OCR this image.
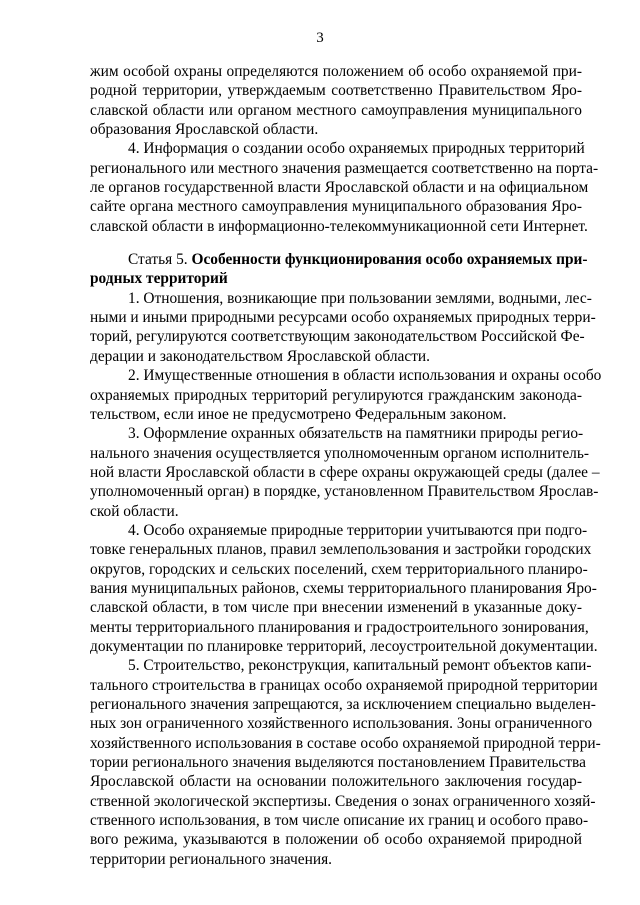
3
жим особой охраны определяются положением об особо охраняемой при-
родной территории, утверждаемым соответственно Правительством Яро-
славской области или органом местного самоуправления муниципального
образования Ярославской области.
4. Информация о создании особо охраняемых природных территорий
регионального или местного значения размещается соответственно на порта-
ле органов государственной власти Ярославской области и на официальном
сайте органа местного самоуправления муниципального образования Яро-
славской области в информационно-телекоммуникационной сети Интернет.
Статья 5. Особенности функционирования особо охраняемых при-
родных территорий
1. Отношения, возникающие при пользовании землями, водными, лес-
ными и иными природными ресурсами особо охраняемых природных терри-
торий, регулируются соответствующим законодательством Российской Фе-
дерации и законодательством Ярославской области.
2. Имущественные отношения в области использования и охраны особо
охраняемых природных территорий регулируются гражданским законода-
тельством, если иное не предусмотрено Федеральным законом.
3. Оформление охранных обязательств на памятники природы регио-
нального значения осуществляется уполномоченным органом исполнитель-
ной власти Ярославской области в сфере охраны окружающей среды (далее –
уполномоченный орган) в порядке, установленном Правительством Ярослав-
ской области.
4. Особо охраняемые природные территории учитываются при подго-
товке генеральных планов, правил землепользования и застройки городских
округов, городских и сельских поселений, схем территориального планиро-
вания муниципальных районов, схемы территориального планирования Яро-
славской области, в том числе при внесении изменений в указанные доку-
менты территориального планирования и градостроительного зонирования,
документации по планировке территорий, лесоустроительной документации.
5. Строительство, реконструкция, капитальный ремонт объектов капи-
тального строительства в границах особо охраняемой природной территории
регионального значения запрещаются, за исключением специально выделен-
ных зон ограниченного хозяйственного использования. Зоны ограниченного
хозяйственного использования в составе особо охраняемой природной терри-
тории регионального значения выделяются постановлением Правительства
Ярославской области на основании положительного заключения государ-
ственной экологической экспертизы. Сведения о зонах ограниченного хозяй-
ственного использования, в том числе описание их границ и особого право-
вого режима, указываются в положении об особо охраняемой природной
территории регионального значения.
